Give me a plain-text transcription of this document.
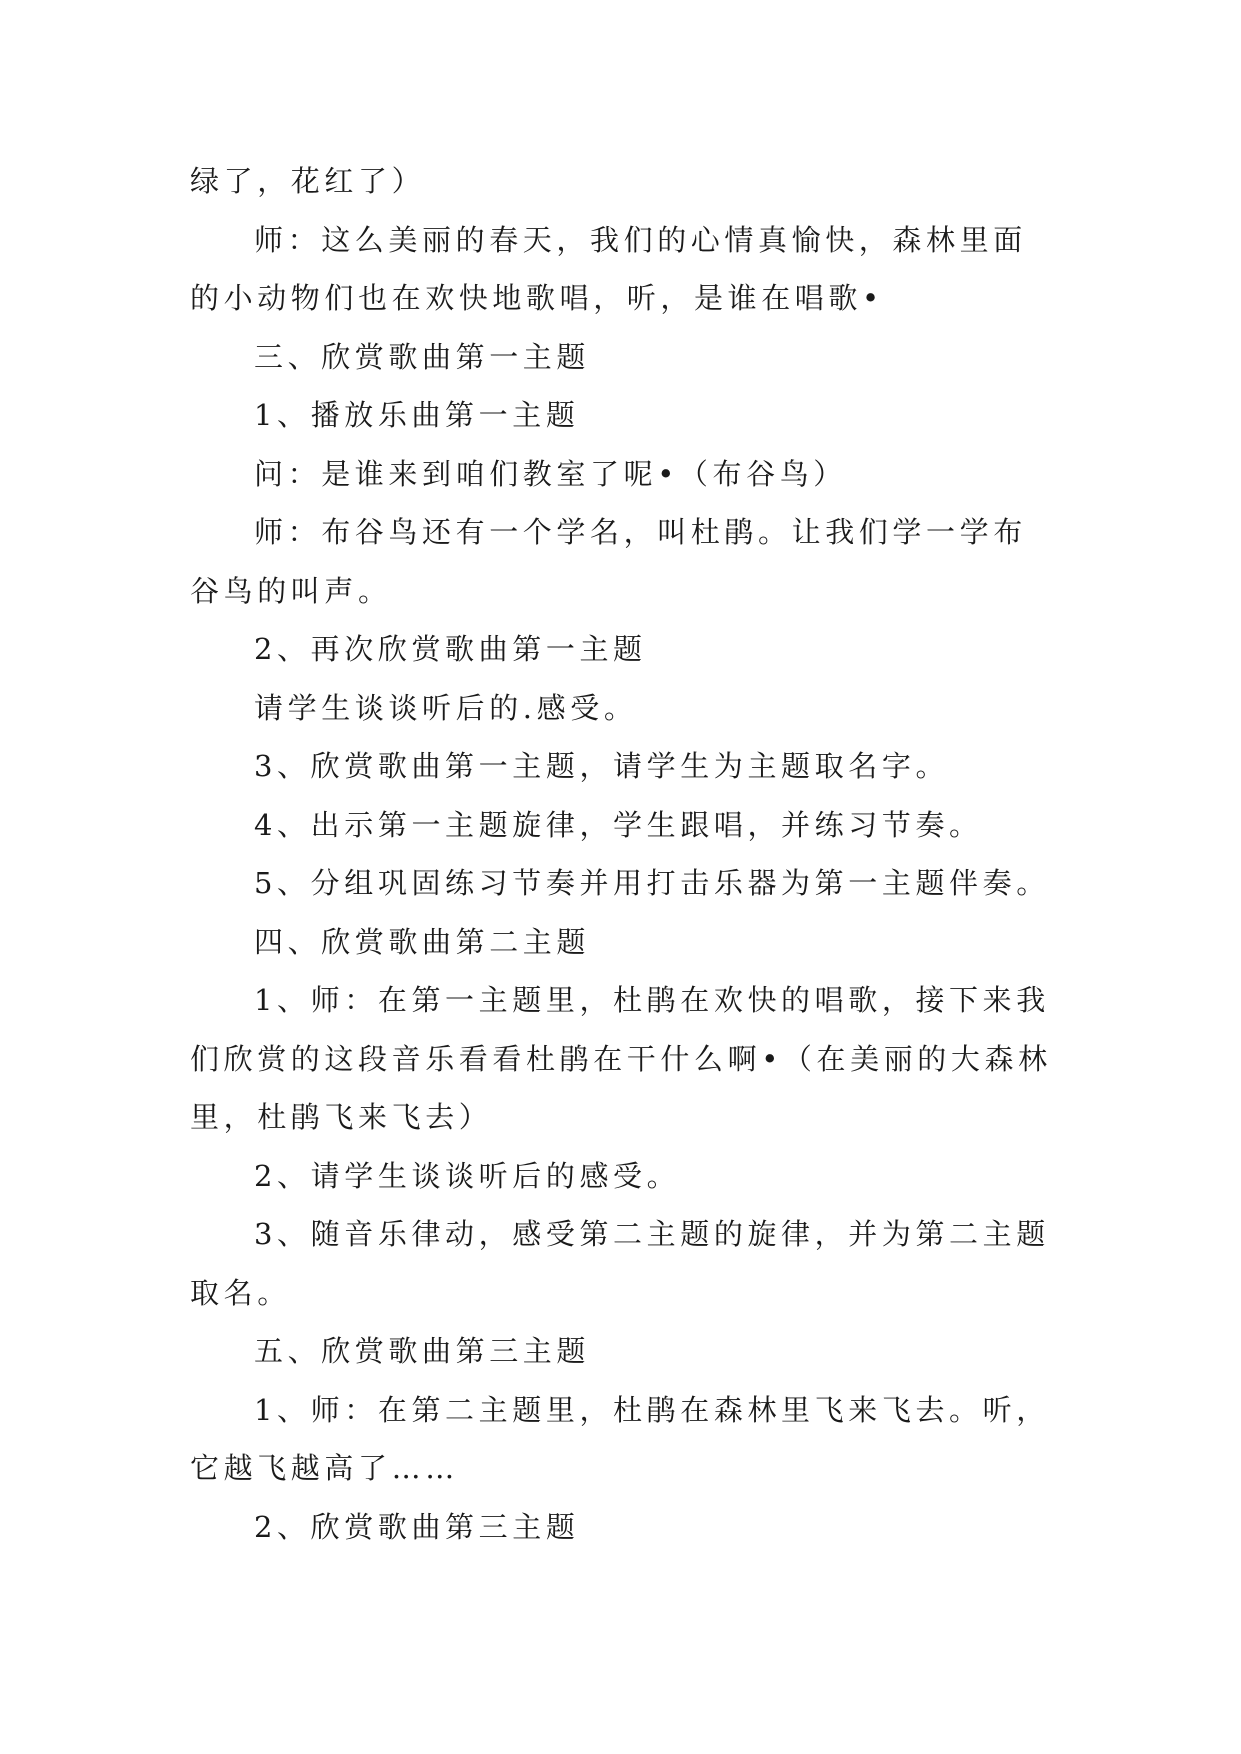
绿了，花红了）

师：这么美丽的春天，我们的心情真愉快，森林里面的小动物们也在欢快地歌唱，听，是谁在唱歌•

三、欣赏歌曲第一主题

1、播放乐曲第一主题

问：是谁来到咱们教室了呢•（布谷鸟）

师：布谷鸟还有一个学名，叫杜鹃。让我们学一学布谷鸟的叫声。

2、再次欣赏歌曲第一主题

请学生谈谈听后的.感受。

3、欣赏歌曲第一主题，请学生为主题取名字。

4、出示第一主题旋律，学生跟唱，并练习节奏。

5、分组巩固练习节奏并用打击乐器为第一主题伴奏。

四、欣赏歌曲第二主题

1、师：在第一主题里，杜鹃在欢快的唱歌，接下来我们欣赏的这段音乐看看杜鹃在干什么啊•（在美丽的大森林里，杜鹃飞来飞去）

2、请学生谈谈听后的感受。

3、随音乐律动，感受第二主题的旋律，并为第二主题取名。

五、欣赏歌曲第三主题

1、师：在第二主题里，杜鹃在森林里飞来飞去。听，它越飞越高了……

2、欣赏歌曲第三主题
